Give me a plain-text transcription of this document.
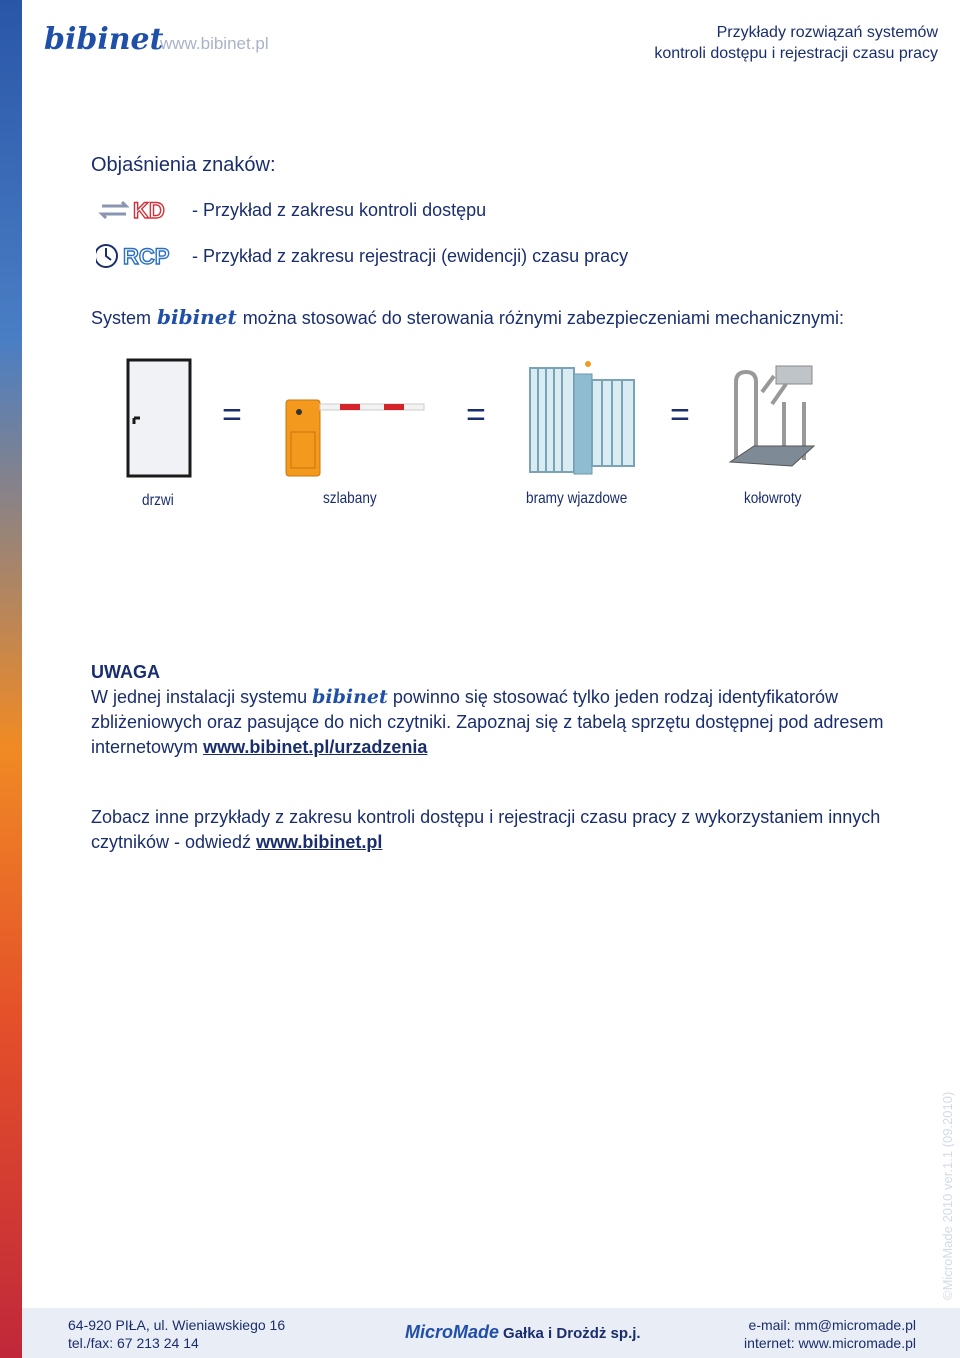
bibinet
www.bibinet.pl
Przykłady rozwiązań systemów
kontroli dostępu i rejestracji czasu pracy
Objaśnienia znaków:
KD - Przykład z zakresu kontroli dostępu
RCP - Przykład z zakresu rejestracji (ewidencji) czasu pracy
System bibinet można stosować do sterowania różnymi zabezpieczeniami mechanicznymi:
=	=	=
drzwi	szlabany	bramy wjazdowe	kołowroty
UWAGA
W jednej instalacji systemu bibinet powinno się stosować tylko jeden rodzaj identyfikatorów zbliżeniowych oraz pasujące do nich czytniki. Zapoznaj się z tabelą sprzętu dostępnej pod adresem internetowym www.bibinet.pl/urzadzenia
Zobacz inne przykłady z zakresu kontroli dostępu i rejestracji czasu pracy z wykorzystaniem innych czytników - odwiedź www.bibinet.pl
©MicroMade 2010 ver.1.1 (09.2010)
64-920 PIŁA, ul. Wieniawskiego 16
tel./fax: 67 213 24 14
MicroMade Gałka i Drożdż sp.j.	e-mail: mm@micromade.pl
internet: www.micromade.pl
